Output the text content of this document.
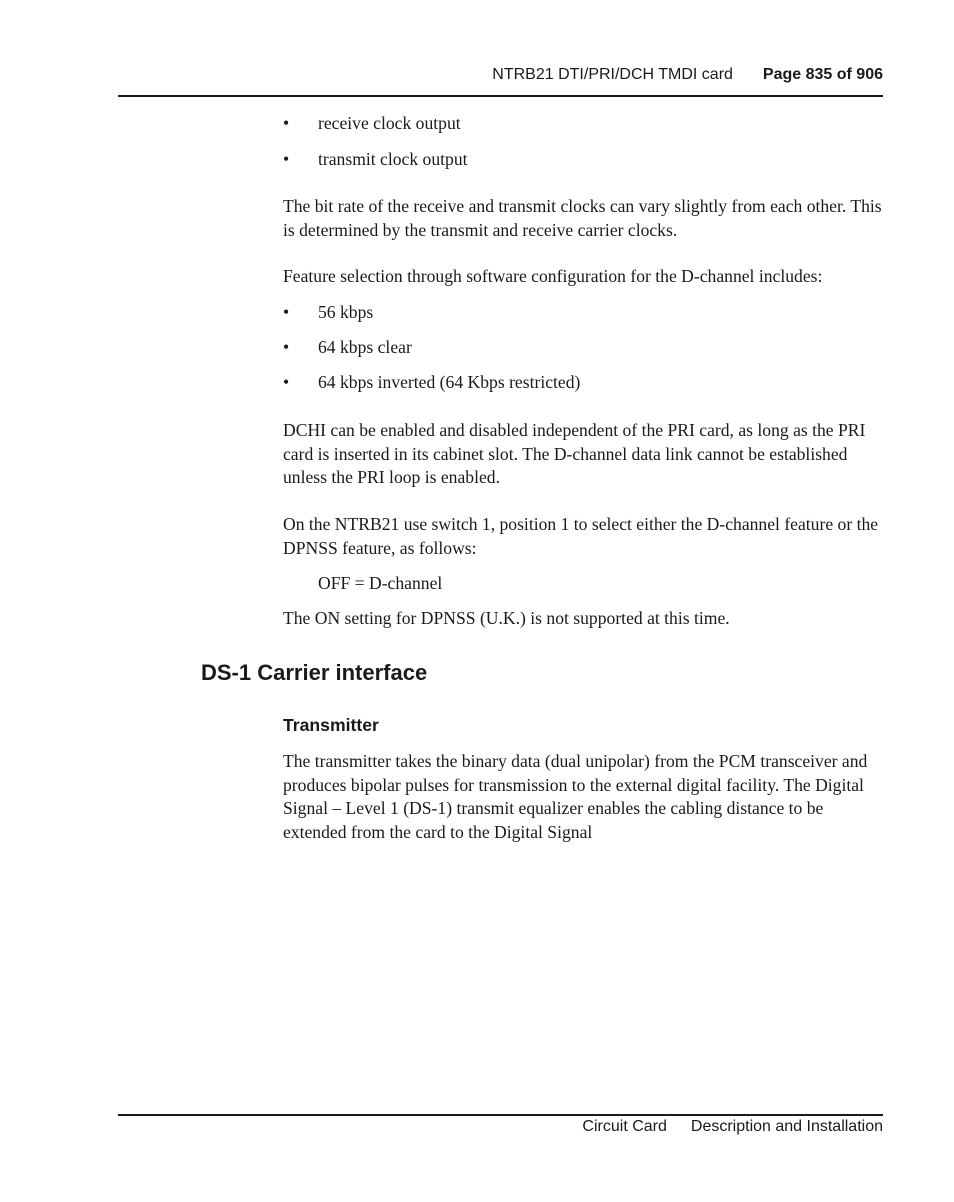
NTRB21 DTI/PRI/DCH TMDI card Page 835 of 906
• receive clock output
• transmit clock output

The bit rate of the receive and transmit clocks can vary slightly from each other. This is determined by the transmit and receive carrier clocks.

Feature selection through software configuration for the D-channel includes:

• 56 kbps
• 64 kbps clear
• 64 kbps inverted (64 Kbps restricted)

DCHI can be enabled and disabled independent of the PRI card, as long as the PRI card is inserted in its cabinet slot. The D-channel data link cannot be established unless the PRI loop is enabled.

On the NTRB21 use switch 1, position 1 to select either the D-channel feature or the DPNSS feature, as follows:

OFF = D-channel

The ON setting for DPNSS (U.K.) is not supported at this time.

DS-1 Carrier interface
Transmitter

The transmitter takes the binary data (dual unipolar) from the PCM transceiver and produces bipolar pulses for transmission to the external digital facility. The Digital Signal – Level 1 (DS-1) transmit equalizer enables the cabling distance to be extended from the card to the Digital Signal

Circuit Card Description and Installation
